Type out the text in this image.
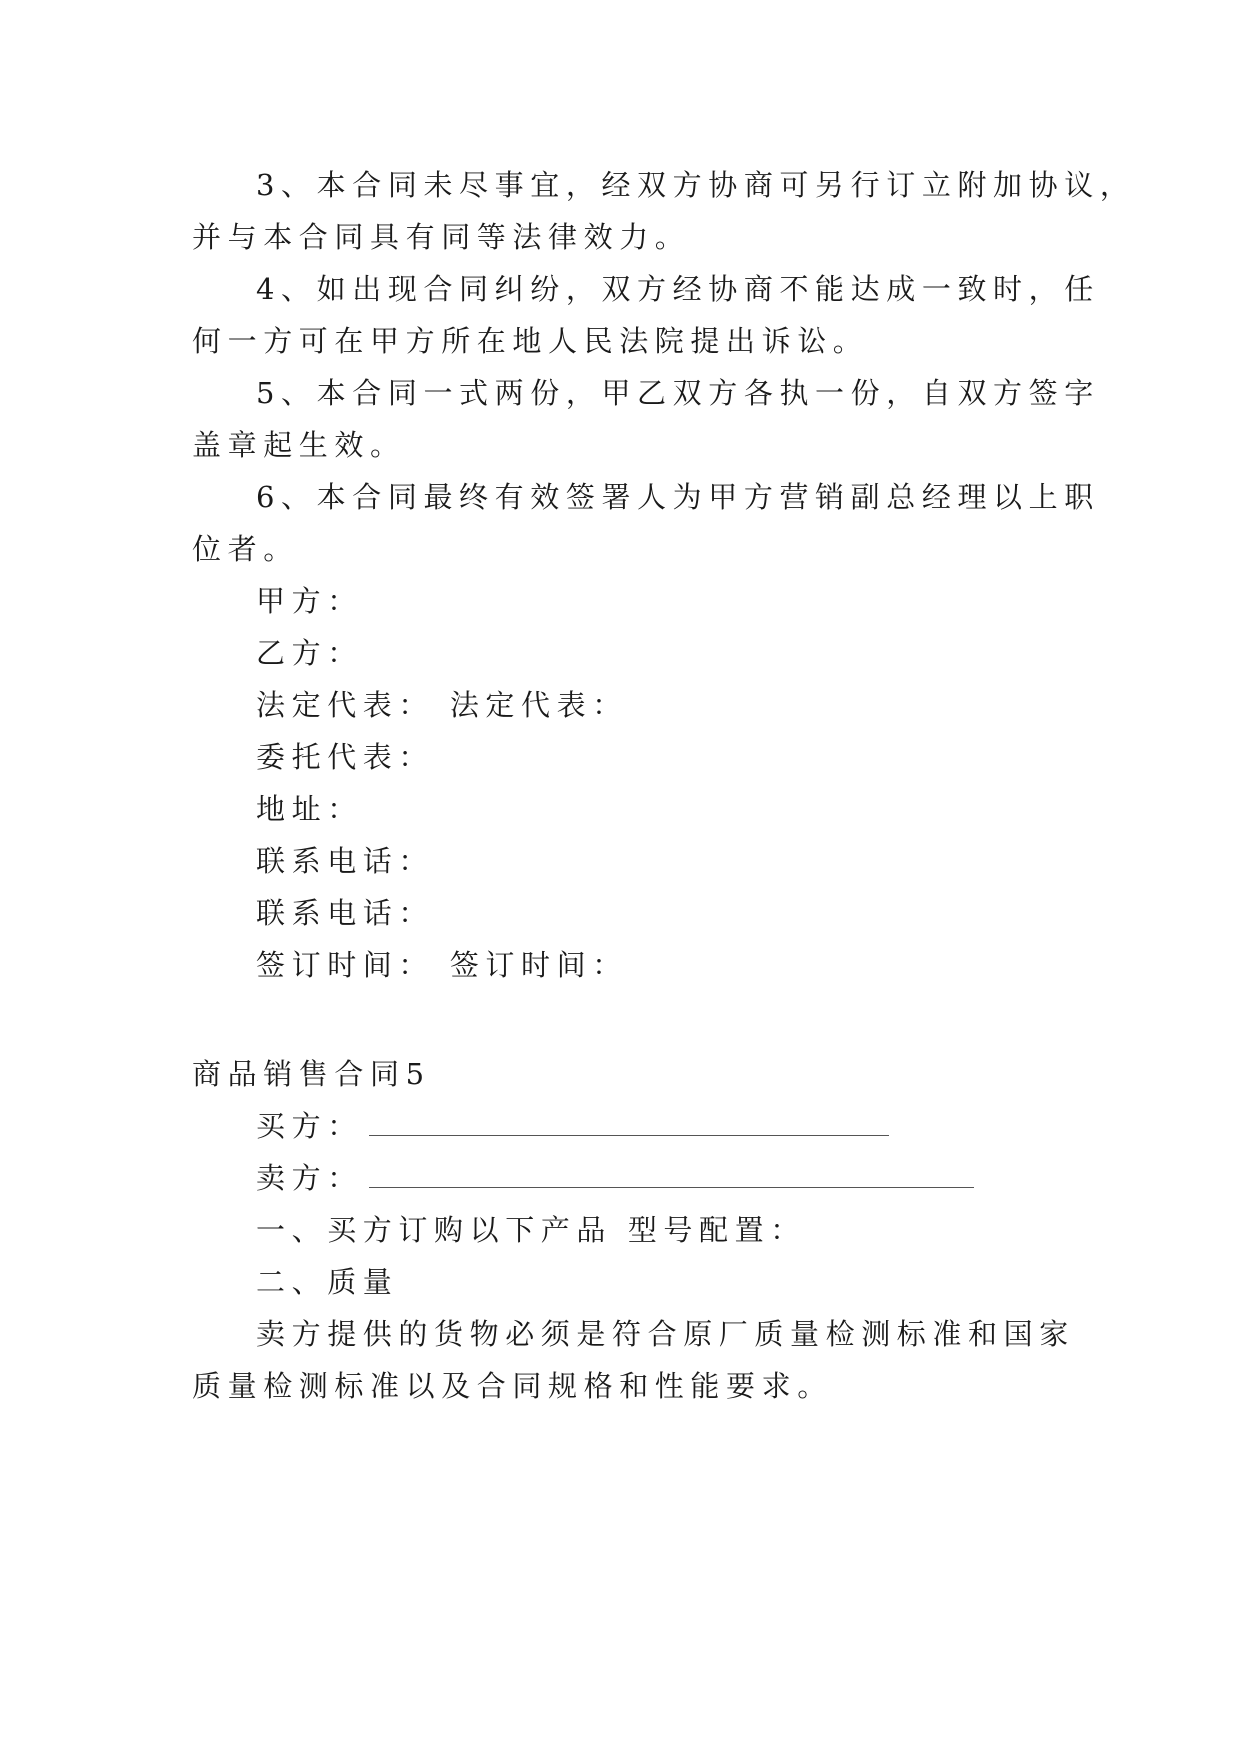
3、本合同未尽事宜，经双方协商可另行订立附加协议，
并与本合同具有同等法律效力。
4、如出现合同纠纷，双方经协商不能达成一致时，任
何一方可在甲方所在地人民法院提出诉讼。
5、本合同一式两份，甲乙双方各执一份，自双方签字
盖章起生效。
6、本合同最终有效签署人为甲方营销副总经理以上职
位者。
甲方：
乙方：
法定代表： 法定代表：
委托代表：
地址：
联系电话：
联系电话：
签订时间： 签订时间：
商品销售合同5
买方：
卖方：
一、买方订购以下产品 型号配置：
二、质量
卖方提供的货物必须是符合原厂质量检测标准和国家
质量检测标准以及合同规格和性能要求。
